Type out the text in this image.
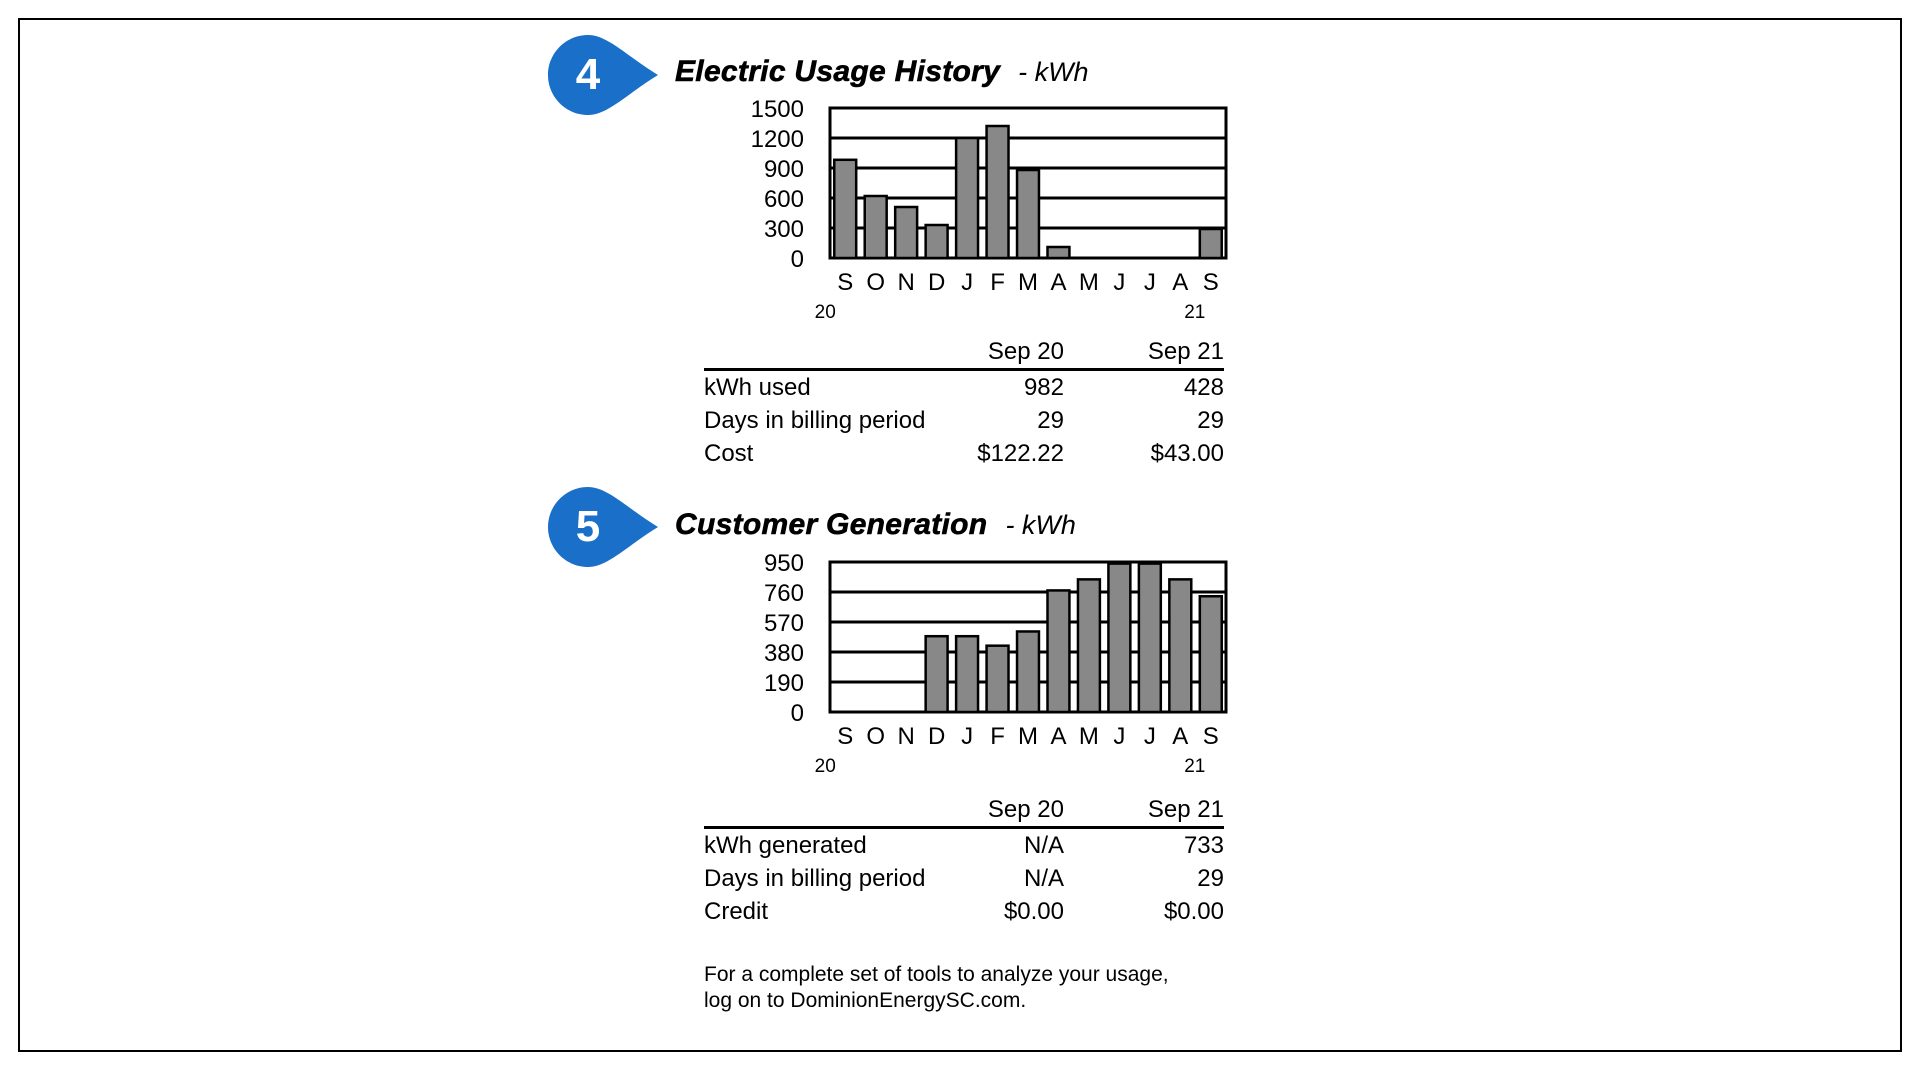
4 Electric Usage History - kWh
1500
1200
900
600
300
0
S O N D J F M A M J J A S
20	21
	Sep 20	Sep 21
kWh used	982	428
Days in billing period	29	29
Cost	$122.22	$43.00
5 Customer Generation - kWh
950
760
570
380
190
0
S O N D J F M A M J J A S
20	21
	Sep 20	Sep 21
kWh generated	N/A	733
Days in billing period	N/A	29
Credit	$0.00	$0.00
For a complete set of tools to analyze your usage,
log on to DominionEnergySC.com.
